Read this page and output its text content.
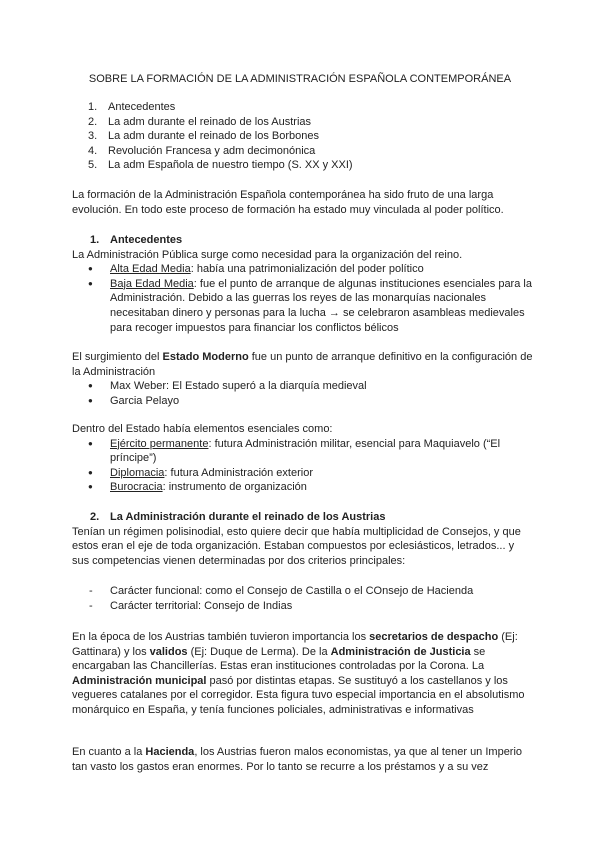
SOBRE LA FORMACIÓN DE LA ADMINISTRACIÓN ESPAÑOLA CONTEMPORÁNEA
1. Antecedentes
2. La adm durante el reinado de los Austrias
3. La adm durante el reinado de los Borbones
4. Revolución Francesa y adm decimonónica
5. La adm Española de nuestro tiempo (S. XX y XXI)

La formación de la Administración Española contemporánea ha sido fruto de una larga evolución. En todo este proceso de formación ha estado muy vinculada al poder político.

1. Antecedentes

La Administración Pública surge como necesidad para la organización del reino.

● Alta Edad Media: había una patrimonialización del poder político
● Baja Edad Media: fue el punto de arranque de algunas instituciones esenciales para la Administración. Debido a las guerras los reyes de las monarquías nacionales necesitaban dinero y personas para la lucha → se celebraron asambleas medievales para recoger impuestos para financiar los conflictos bélicos

El surgimiento del Estado Moderno fue un punto de arranque definitivo en la configuración de la Administración

● Max Weber: El Estado superó a la diarquía medieval
● Garcia Pelayo

Dentro del Estado había elementos esenciales como:

● Ejército permanente: futura Administración militar, esencial para Maquiavelo (“El príncipe”)
● Diplomacia: futura Administración exterior
● Burocracia: instrumento de organización
2. La Administración durante el reinado de los Austrias

Tenían un régimen polisinodial, esto quiere decir que había multiplicidad de Consejos, y que estos eran el eje de toda organización. Estaban compuestos por eclesiásticos, letrados... y sus competencias vienen determinadas por dos criterios principales:

- Carácter funcional: como el Consejo de Castilla o el COnsejo de Hacienda
- Carácter territorial: Consejo de Indias

En la época de los Austrias también tuvieron importancia los secretarios de despacho (Ej: Gattinara) y los validos (Ej: Duque de Lerma). De la Administración de Justicia se encargaban las Chancillerías. Estas eran instituciones controladas por la Corona. La Administración municipal pasó por distintas etapas. Se sustituyó a los castellanos y los vegueres catalanes por el corregidor. Esta figura tuvo especial importancia en el absolutismo monárquico en España, y tenía funciones policiales, administrativas e informativas

En cuanto a la Hacienda, los Austrias fueron malos economistas, ya que al tener un Imperio tan vasto los gastos eran enormes. Por lo tanto se recurre a los préstamos y a su vez
